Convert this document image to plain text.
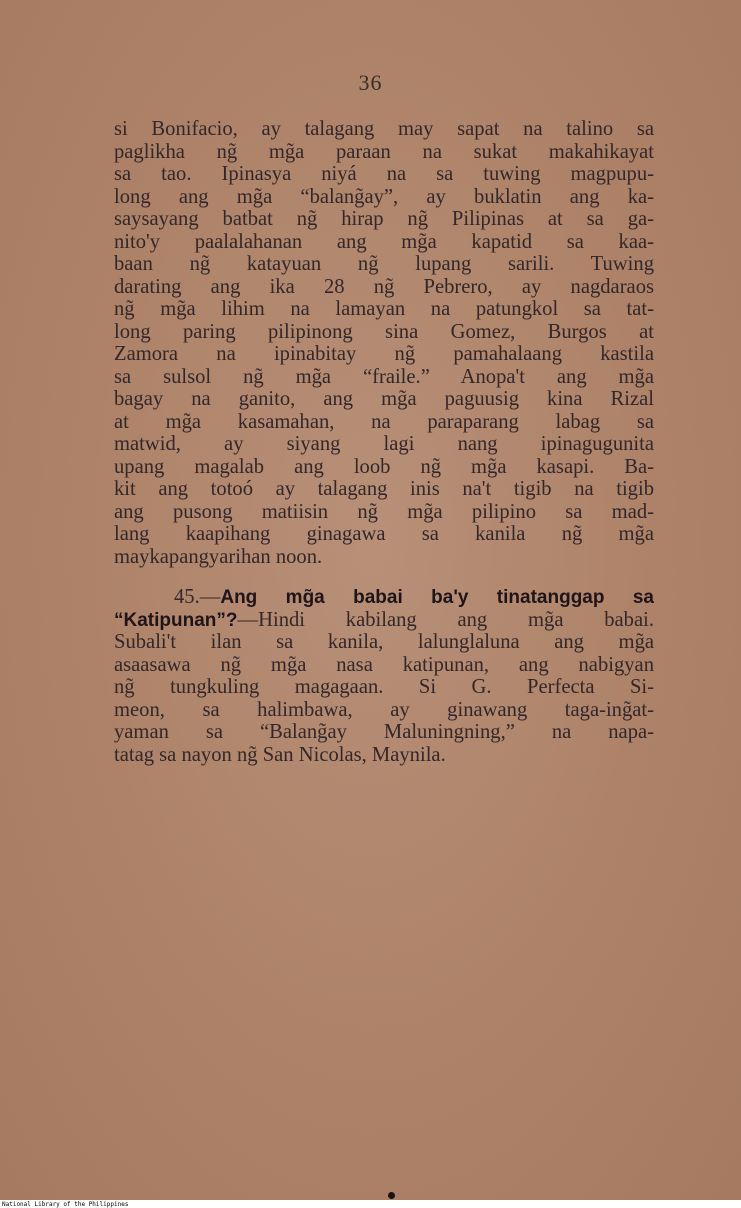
36
si Bonifacio, ay talagang may sapat na talino sa
paglikha ng̃ mg̃a paraan na sukat makahikayat
sa tao. Ipinasya niyá na sa tuwing magpupu-
long ang mg̃a “balang̃ay”, ay buklatin ang ka-
saysayang batbat ng̃ hirap ng̃ Pilipinas at sa ga-
nito'y paalalahanan ang mg̃a kapatid sa kaa-
baan ng̃ katayuan ng̃ lupang sarili. Tuwing
darating ang ika 28 ng̃ Pebrero, ay nagdaraos
ng̃ mg̃a lihim na lamayan na patungkol sa tat-
long paring pilipinong sina Gomez, Burgos at
Zamora na ipinabitay ng̃ pamahalaang kastila
sa sulsol ng̃ mg̃a “fraile.” Anopa't ang mg̃a
bagay na ganito, ang mg̃a paguusig kina Rizal
at mg̃a kasamahan, na paraparang labag sa
matwid, ay siyang lagi nang ipinagugunita
upang magalab ang loob ng̃ mg̃a kasapi. Ba-
kit ang totoó ay talagang inis na't tigib na tigib
ang pusong matiisin ng̃ mg̃a pilipino sa mad-
lang kaapihang ginagawa sa kanila ng̃ mg̃a
maykapangyarihan noon.
45.—Ang mg̃a babai ba'y tinatanggap sa
“Katipunan”?—Hindi kabilang ang mg̃a babai.
Subali't ilan sa kanila, lalunglaluna ang mg̃a
asaasawa ng̃ mg̃a nasa katipunan, ang nabigyan
ng̃ tungkuling magagaan. Si G. Perfecta Si-
meon, sa halimbawa, ay ginawang taga-ing̃at-
yaman sa “Balang̃ay Maluningning,” na napa-
tatag sa nayon ng̃ San Nicolas, Maynila.
National Library of the Philippines
